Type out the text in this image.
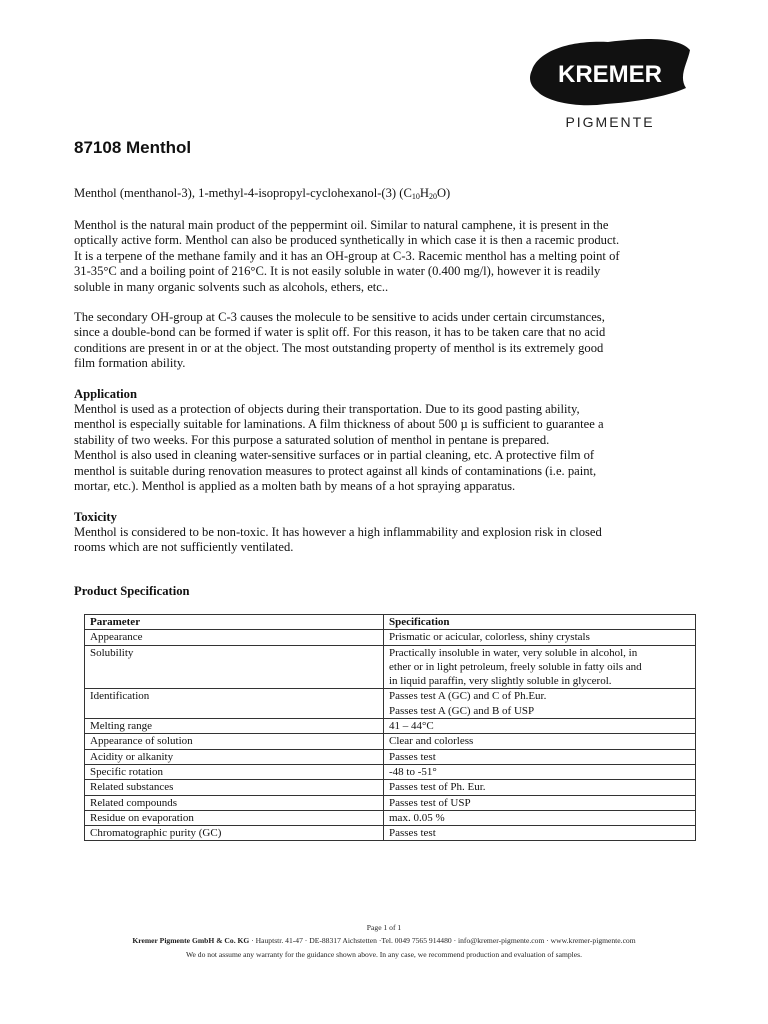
KREMER
PIGMENTE
87108 Menthol

Menthol (menthanol-3), 1-methyl-4-isopropyl-cyclohexanol-(3) $(C_{10}H_{20}O)$

Menthol is the natural main product of the peppermint oil. Similar to natural camphene, it is present in the
optically active form. Menthol can also be produced synthetically in which case it is then a racemic product.
It is a terpene of the methane family and it has an OH-group at C-3. Racemic menthol has a melting point of
31-35°C and a boiling point of 216°C. It is not easily soluble in water (0.400 mg/l), however it is readily
soluble in many organic solvents such as alcohols, ethers, etc..
The secondary OH-group at C-3 causes the molecule to be sensitive to acids under certain circumstances,
since a double-bond can be formed if water is split off. For this reason, it has to be taken care that no acid
conditions are present in or at the object. The most outstanding property of menthol is its extremely good
film formation ability.
Application
Menthol is used as a protection of objects during their transportation. Due to its good pasting ability,
menthol is especially suitable for laminations. A film thickness of about 500 µ is sufficient to guarantee a
stability of two weeks. For this purpose a saturated solution of menthol in pentane is prepared.
Menthol is also used in cleaning water-sensitive surfaces or in partial cleaning, etc. A protective film of
menthol is suitable during renovation measures to protect against all kinds of contaminations (i.e. paint,
mortar, etc.). Menthol is applied as a molten bath by means of a hot spraying apparatus.
Toxicity
Menthol is considered to be non-toxic. It has however a high inflammability and explosion risk in closed
rooms which are not sufficiently ventilated.
Product Specification
Parameter	Specification
Appearance	Prismatic or acicular, colorless, shiny crystals

Solubility	Practically insoluble in water, very soluble in alcohol, in
ether or in light petroleum, freely soluble in fatty oils and
in liquid paraffin, very slightly soluble in glycerol.

Identification	Passes test A (GC) and C of Ph.Eur.
Passes test A (GC) and B of USP

Melting range	41 – 44°C

Appearance of solution	Clear and colorless

Acidity or alkanity	Passes test

Specific rotation	-48 to -51°

Related substances	Passes test of Ph. Eur.

Related compounds	Passes test of USP

Residue on evaporation	max. 0.05 %

Chromatographic purity (GC)	Passes test
Page 1 of 1
Kremer Pigmente GmbH & Co. KG · Hauptstr. 41-47 · DE-88317 Aichstetten ·Tel. 0049 7565 914480 · info@kremer-pigmente.com · www.kremer-pigmente.com
We do not assume any warranty for the guidance shown above. In any case, we recommend production and evaluation of samples.
